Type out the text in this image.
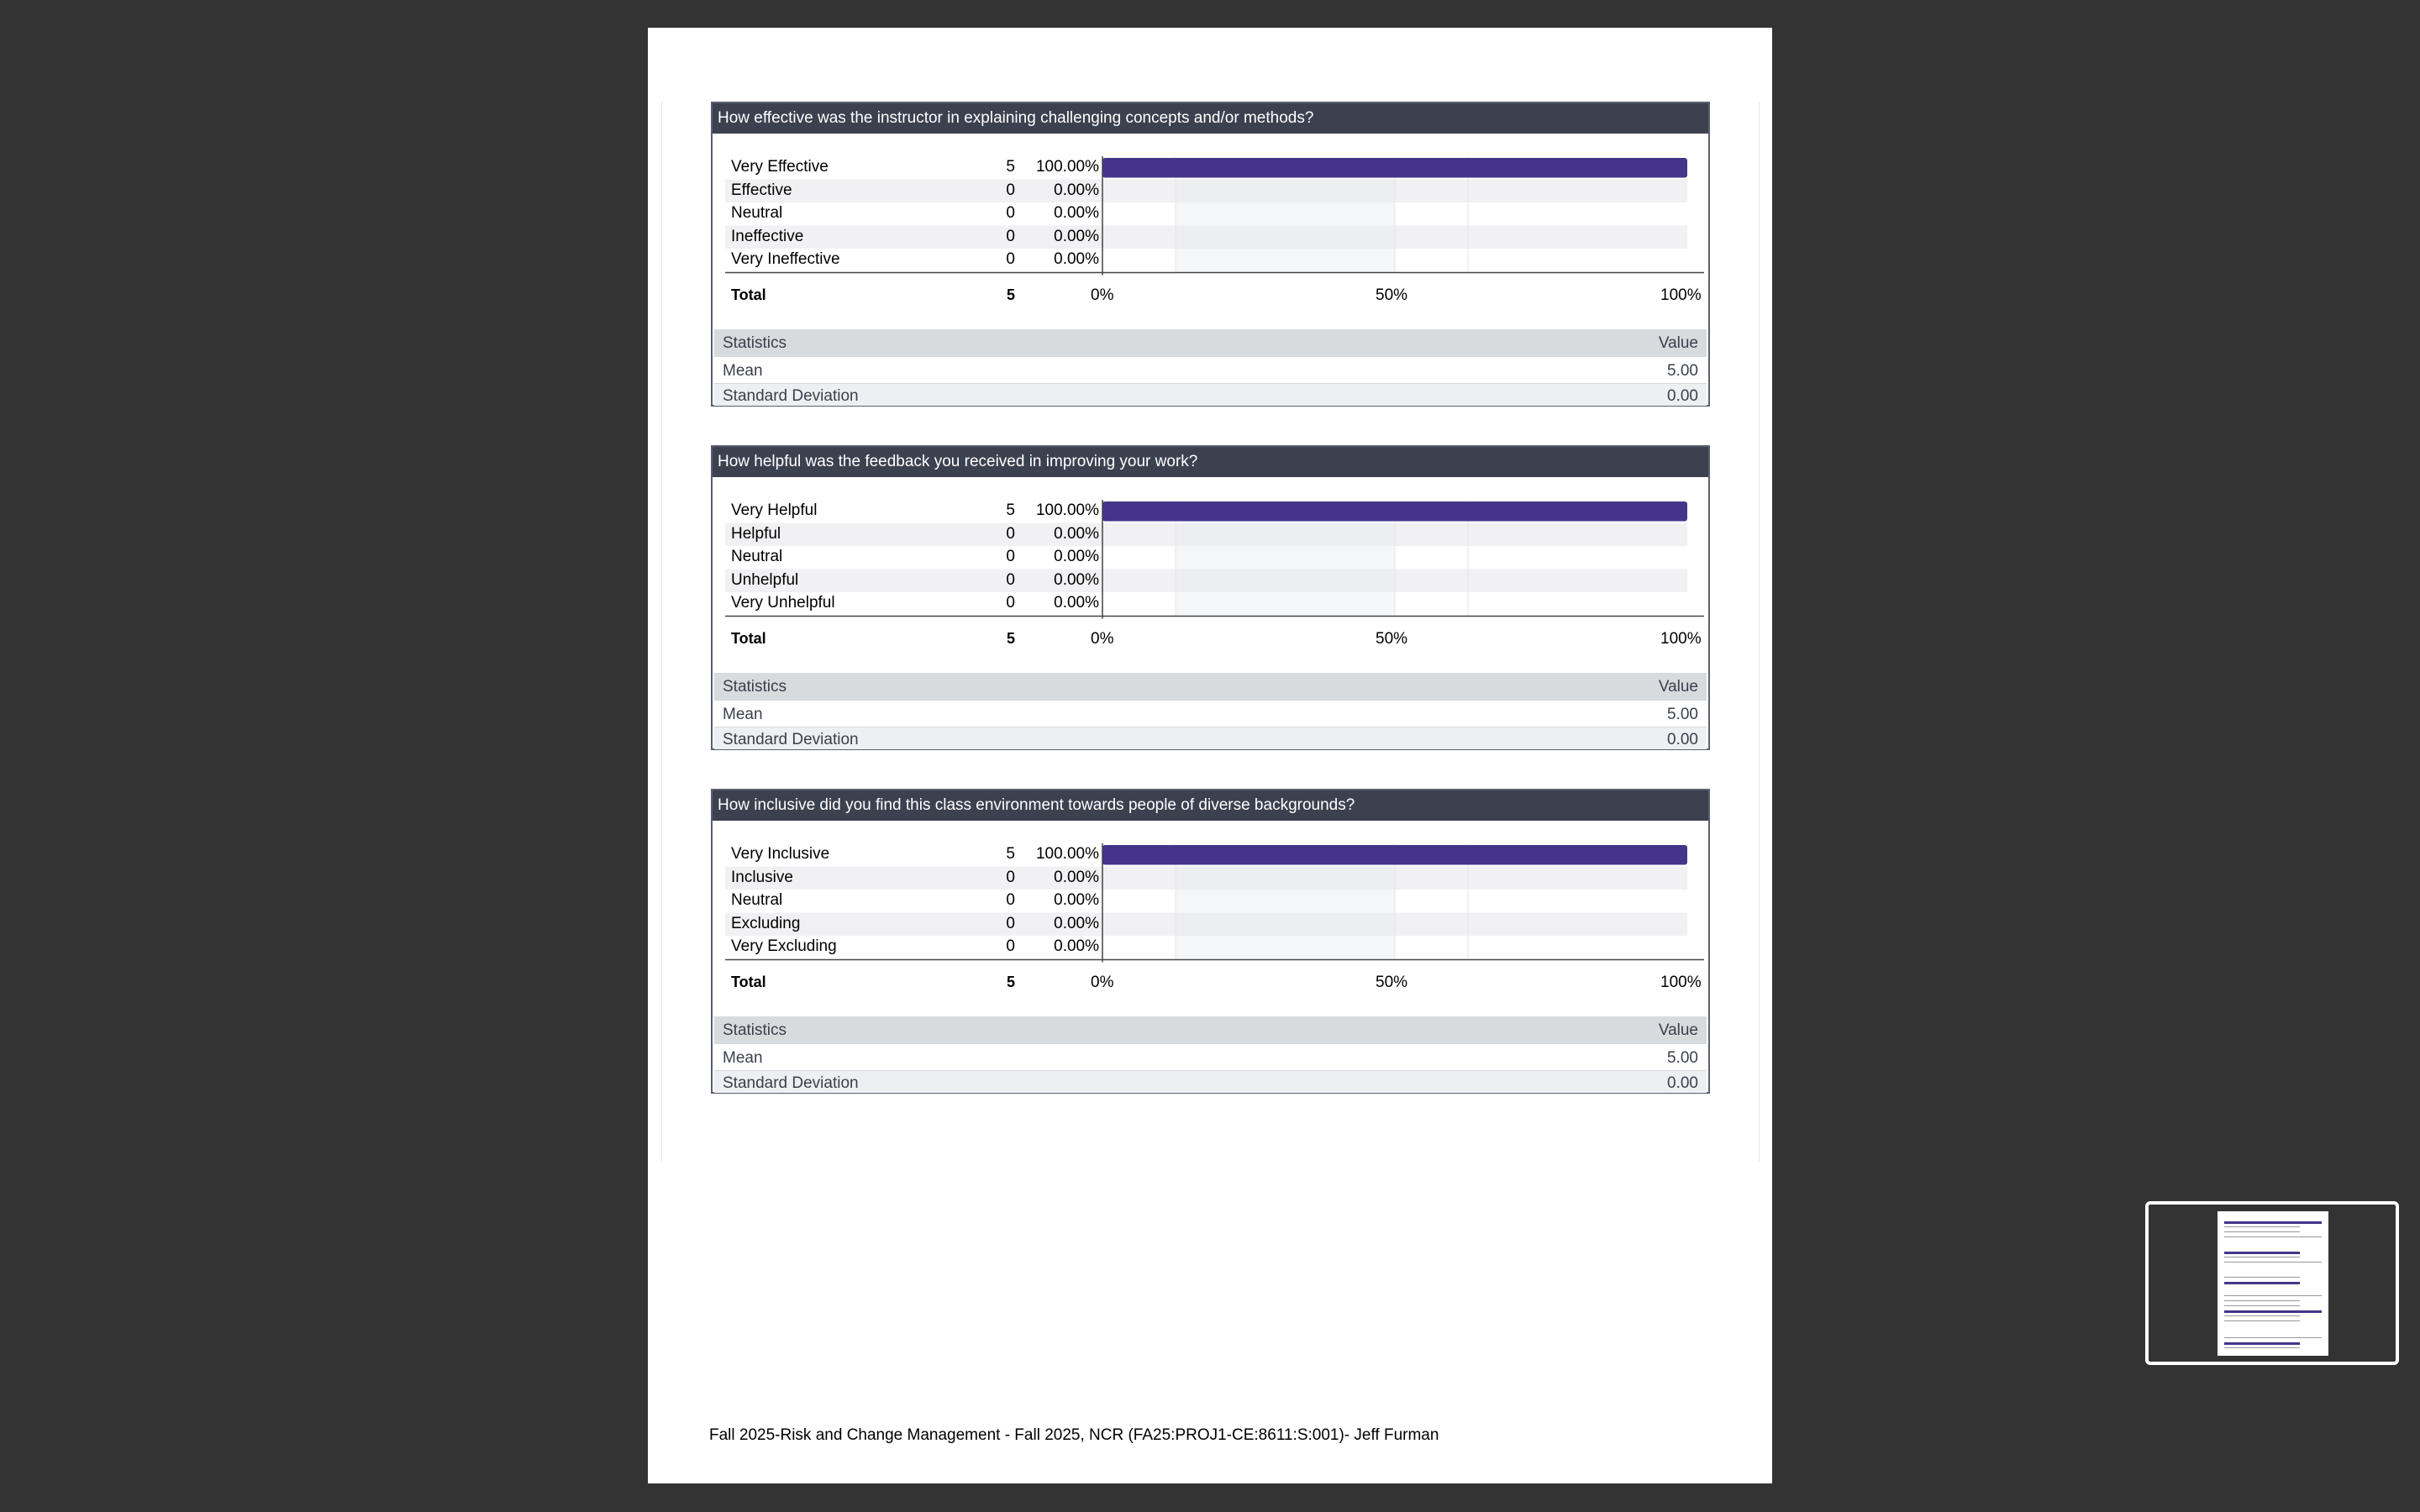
How effective was the instructor in explaining challenging concepts and/or methods?
Very Effective	5	100.00%
Effective	0	0.00%
Neutral	0	0.00%
Ineffective	0	0.00%
Very Ineffective	0	0.00%
Total	5	0%	50%	100%
Statistics	Value
Mean	5.00
Standard Deviation	0.00
How helpful was the feedback you received in improving your work?
Very Helpful	5	100.00%
Helpful	0	0.00%
Neutral	0	0.00%
Unhelpful	0	0.00%
Very Unhelpful	0	0.00%
Total	5	0%	50%	100%
Statistics	Value
Mean	5.00
Standard Deviation	0.00
How inclusive did you find this class environment towards people of diverse backgrounds?
Very Inclusive	5	100.00%
Inclusive	0	0.00%
Neutral	0	0.00%
Excluding	0	0.00%
Very Excluding	0	0.00%
Total	5	0%	50%	100%
Statistics	Value
Mean	5.00
Standard Deviation	0.00
Fall 2025-Risk and Change Management - Fall 2025, NCR (FA25:PROJ1-CE:8611:S:001)- Jeff Furman
